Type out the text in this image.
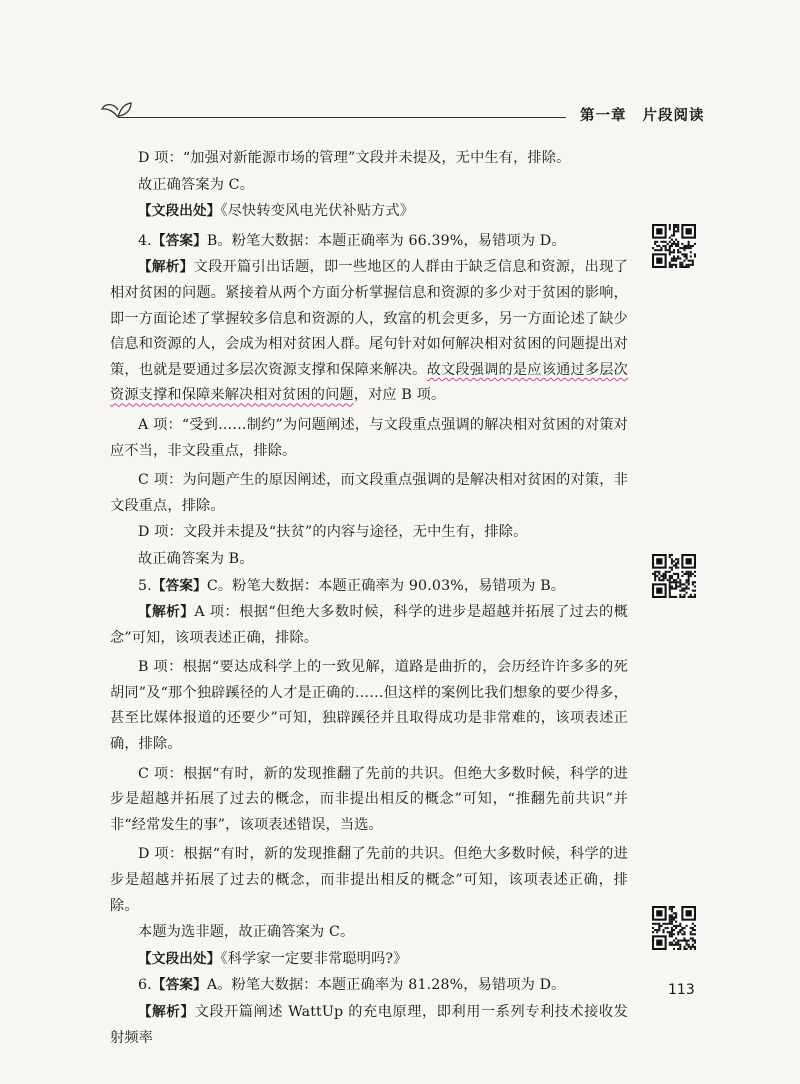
第一章 片段阅读

D 项：“加强对新能源市场的管理”文段并未提及，无中生有，排除。

故正确答案为 C。

【文段出处】《尽快转变风电光伏补贴方式》

4.【答案】B。粉笔大数据：本题正确率为 66.39%，易错项为 D。

【解析】文段开篇引出话题，即一些地区的人群由于缺乏信息和资源，出现了相对贫困的问题。紧接着从两个方面分析掌握信息和资源的多少对于贫困的影响，即一方面论述了掌握较多信息和资源的人，致富的机会更多，另一方面论述了缺少信息和资源的人，会成为相对贫困人群。尾句针对如何解决相对贫困的问题提出对策，也就是要通过多层次资源支撑和保障来解决。故文段强调的是应该通过多层次资源支撑和保障来解决相对贫困的问题，对应 B 项。

A 项：“受到……制约”为问题阐述，与文段重点强调的解决相对贫困的对策对应不当，非文段重点，排除。

C 项：为问题产生的原因阐述，而文段重点强调的是解决相对贫困的对策，非文段重点，排除。

D 项：文段并未提及“扶贫”的内容与途径，无中生有，排除。

故正确答案为 B。

5.【答案】C。粉笔大数据：本题正确率为 90.03%，易错项为 B。

【解析】A 项：根据“但绝大多数时候，科学的进步是超越并拓展了过去的概念”可知，该项表述正确，排除。

B 项：根据“要达成科学上的一致见解，道路是曲折的，会历经许许多多的死胡同”及“那个独辟蹊径的人才是正确的……但这样的案例比我们想象的要少得多，甚至比媒体报道的还要少”可知，独辟蹊径并且取得成功是非常难的，该项表述正确，排除。

C 项：根据“有时，新的发现推翻了先前的共识。但绝大多数时候，科学的进步是超越并拓展了过去的概念，而非提出相反的概念”可知，“推翻先前共识”并非“经常发生的事”，该项表述错误，当选。

D 项：根据“有时，新的发现推翻了先前的共识。但绝大多数时候，科学的进步是超越并拓展了过去的概念，而非提出相反的概念”可知，该项表述正确，排除。

本题为选非题，故正确答案为 C。

【文段出处】《科学家一定要非常聪明吗?》

6.【答案】A。粉笔大数据：本题正确率为 81.28%，易错项为 D。

【解析】文段开篇阐述 WattUp 的充电原理，即利用一系列专利技术接收发射频率

113
